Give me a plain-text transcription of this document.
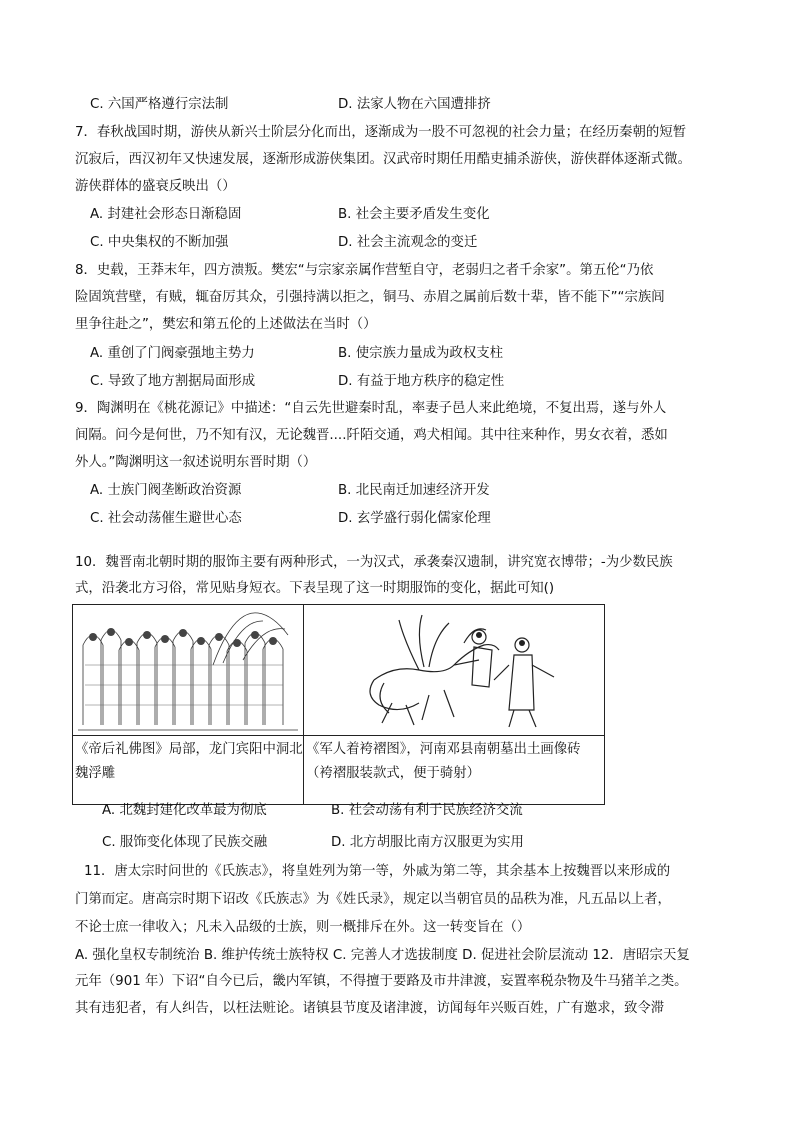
C. 六国严格遵行宗法制	D. 法家人物在六国遭排挤
7．春秋战国时期，游侠从新兴士阶层分化而出，逐渐成为一股不可忽视的社会力量；在经历秦朝的短暂
沉寂后，西汉初年又快速发展，逐渐形成游侠集团。汉武帝时期任用酷吏捕杀游侠，游侠群体逐渐式微。
游侠群体的盛衰反映出（）
A. 封建社会形态日渐稳固	B. 社会主要矛盾发生变化
C. 中央集权的不断加强	D. 社会主流观念的变迁
8．史载，王莽末年，四方溃叛。樊宏“与宗家亲属作营堑自守，老弱归之者千余家”。第五伦“乃依
险固筑营壁，有贼，辄奋厉其众，引强持满以拒之，铜马、赤眉之属前后数十辈，皆不能下”“宗族闾
里争往赴之”，樊宏和第五伦的上述做法在当时（）
A. 重创了门阀豪强地主势力	B. 使宗族力量成为政权支柱
C. 导致了地方割据局面形成	D. 有益于地方秩序的稳定性
9．陶渊明在《桃花源记》中描述：“自云先世避秦时乱，率妻子邑人来此绝境，不复出焉，遂与外人
间隔。问今是何世，乃不知有汉，无论魏晋....阡陌交通，鸡犬相闻。其中往来种作，男女衣着，悉如
外人。”陶渊明这一叙述说明东晋时期（）
A. 士族门阀垄断政治资源	B. 北民南迁加速经济开发
C. 社会动荡催生避世心态	D. 玄学盛行弱化儒家伦理
10．魏晋南北朝时期的服饰主要有两种形式，一为汉式，承袭秦汉遗制，讲究宽衣博带；-为少数民族
式，沿袭北方习俗，常见贴身短衣。下表呈现了这一时期服饰的变化，据此可知()

《帝后礼佛图》局部，龙门宾阳中洞北魏浮雕	《军人着袴褶图》，河南邓县南朝墓出土画像砖（袴褶服装款式，便于骑射）
A. 北魏封建化改革最为彻底	B. 社会动荡有利于民族经济交流
C. 服饰变化体现了民族交融	D. 北方胡服比南方汉服更为实用
11．唐太宗时问世的《氏族志》，将皇姓列为第一等，外戚为第二等，其余基本上按魏晋以来形成的
门第而定。唐高宗时期下诏改《氏族志》为《姓氏录》，规定以当朝官员的品秩为准，凡五品以上者，
不论士庶一律收入；凡未入品级的士族，则一概排斥在外。这一转变旨在（）
A. 强化皇权专制统治 B. 维护传统士族特权 C. 完善人才选拔制度 D. 促进社会阶层流动 12．唐昭宗天复
元年（901 年）下诏“自今已后，畿内军镇，不得擅于要路及市井津渡，妄置率税杂物及牛马猪羊之类。
其有违犯者，有人纠告，以枉法赃论。诸镇县节度及诸津渡，访闻每年兴贩百姓，广有邀求，致令滞
